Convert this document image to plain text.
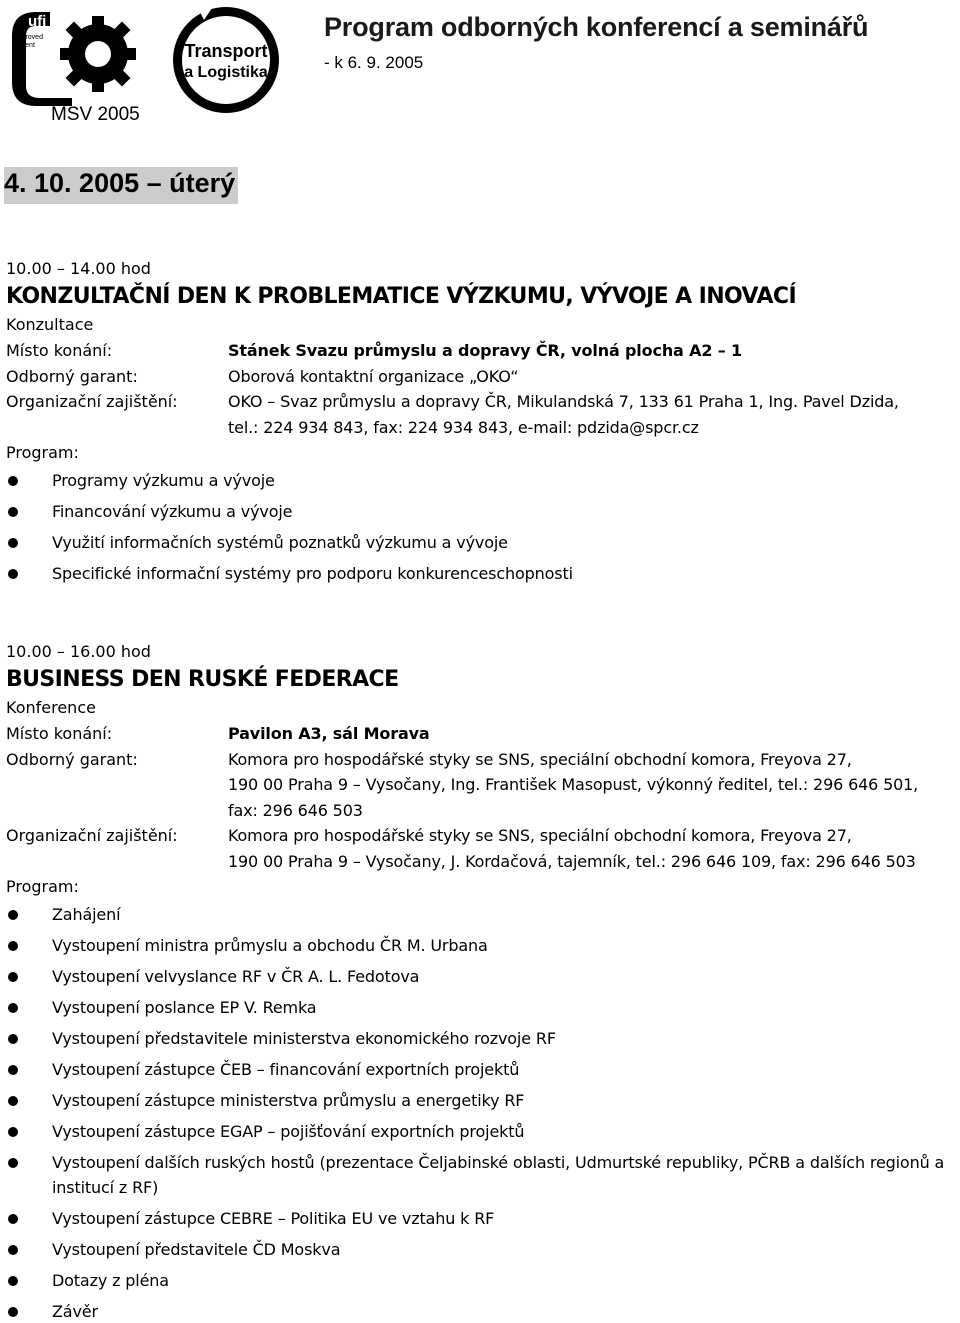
ufi
Approved
Event
MSV 2005
Transport
a Logistika
Program odborných konferencí a seminářů
- k 6. 9. 2005
4. 10. 2005 – úterý
10.00 – 14.00 hod
KONZULTAČNÍ DEN K PROBLEMATICE VÝZKUMU, VÝVOJE A INOVACÍ
Konzultace
Místo konání:	Stánek Svazu průmyslu a dopravy ČR, volná plocha A2 – 1
Odborný garant:	Oborová kontaktní organizace „OKO“
Organizační zajištění:	OKO – Svaz průmyslu a dopravy ČR, Mikulandská 7, 133 61 Praha 1, Ing. Pavel Dzida,
tel.: 224 934 843, fax: 224 934 843, e-mail: pdzida@spcr.cz
Program:
Programy výzkumu a vývoje
Financování výzkumu a vývoje
Využití informačních systémů poznatků výzkumu a vývoje
Specifické informační systémy pro podporu konkurenceschopnosti
10.00 – 16.00 hod
BUSINESS DEN RUSKÉ FEDERACE
Konference
Místo konání:	Pavilon A3, sál Morava
Odborný garant:	Komora pro hospodářské styky se SNS, speciální obchodní komora, Freyova 27,
190 00 Praha 9 – Vysočany, Ing. František Masopust, výkonný ředitel, tel.: 296 646 501,
fax: 296 646 503
Organizační zajištění:	Komora pro hospodářské styky se SNS, speciální obchodní komora, Freyova 27,
190 00 Praha 9 – Vysočany, J. Kordačová, tajemník, tel.: 296 646 109, fax: 296 646 503
Program:
Zahájení
Vystoupení ministra průmyslu a obchodu ČR M. Urbana
Vystoupení velvyslance RF v ČR A. L. Fedotova
Vystoupení poslance EP V. Remka
Vystoupení představitele ministerstva ekonomického rozvoje RF
Vystoupení zástupce ČEB – financování exportních projektů
Vystoupení zástupce ministerstva průmyslu a energetiky RF
Vystoupení zástupce EGAP – pojišťování exportních projektů
Vystoupení dalších ruských hostů (prezentace Čeljabinské oblasti, Udmurtské republiky, PČRB a dalších regionů a institucí z RF)
Vystoupení zástupce CEBRE – Politika EU ve vztahu k RF
Vystoupení představitele ČD Moskva
Dotazy z pléna
Závěr
